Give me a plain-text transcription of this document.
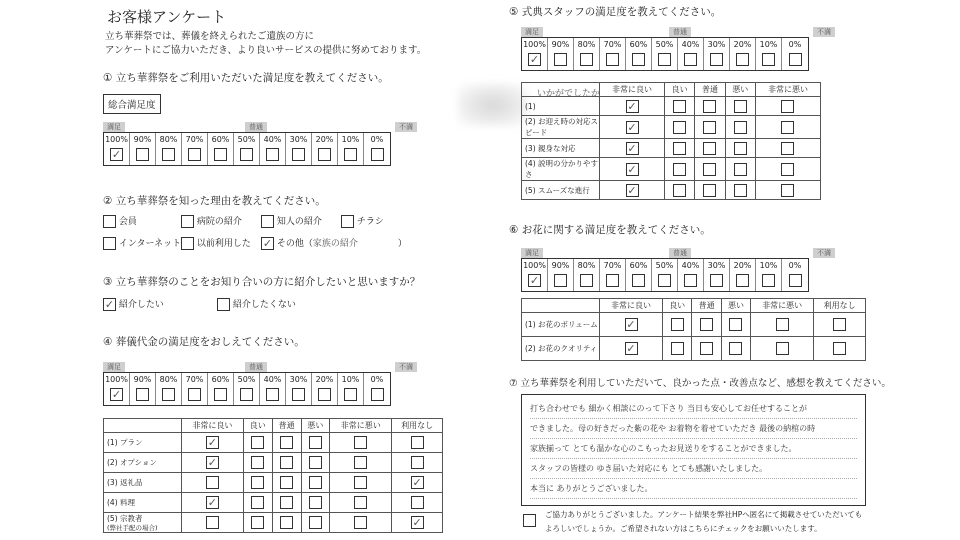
お客様アンケート
立ち華葬祭では、葬儀を終えられたご遺族の方に
アンケートにご協力いただき、より良いサービスの提供に努めております。
① 立ち華葬祭をご利用いただいた満足度を教えてください。
総合満足度
満足	普通	不満
100%
✓
90% 80% 70% 60% 50% 40% 30% 20% 10% 0%
② 立ち華葬祭を知った理由を教えてください。
会員	病院の紹介	知人の紹介	チラシ
インターネット	以前利用した ✓ その他（家族の紹介	）
③ 立ち華葬祭のことをお知り合いの方に紹介したいと思いますか？
✓ 紹介したい	紹介したくない
④ 葬儀代金の満足度をおしえてください。
満足	普通	不満
100%
✓
90% 80% 70% 60% 50% 40% 30% 20% 10% 0%
	非常に良い	良い	普通	悪い	非常に悪い	利用なし
(1) プラン	✓					
(2) オプション	✓					
(3) 返礼品						✓
(4) 料理	✓					
(5) 宗教者
(弊社手配の場合)						✓
⑤ 式典スタッフの満足度を教えてください。
満足	普通	不満
100%
✓
90% 80% 70% 60% 50% 40% 30% 20% 10% 0%
いかがでしたか
	非常に良い	良い	普通	悪い	非常に悪い
(1)	✓				
(2) お迎え時の対応スピード	✓				
(3) 親身な対応	✓				
(4) 説明の分かりやすさ	✓				
(5) スムーズな進行	✓				
⑥ お花に関する満足度を教えてください。
満足	普通	不満
100%
✓
90% 80% 70% 60% 50% 40% 30% 20% 10% 0%
	非常に良い	良い	普通	悪い	非常に悪い	利用なし
(1) お花のボリューム	✓					
(2) お花のクオリティ	✓					
⑦ 立ち華葬祭を利用していただいて、良かった点・改善点など、感想を教えてください。
打ち合わせでも 細かく相談にのって下さり 当日も安心してお任せすることが
できました。母の好きだった紫の花や お着物を着せていただき 最後の納棺の時
家族揃って とても温かな心のこもったお見送りをすることができました。
スタッフの皆様の ゆき届いた対応にも とても感謝いたしました。
本当に ありがとうございました。
ご協力ありがとうございました。アンケート結果を弊社HPへ匿名にて掲載させていただいても
よろしいでしょうか。ご希望されない方はこちらにチェックをお願いいたします。
